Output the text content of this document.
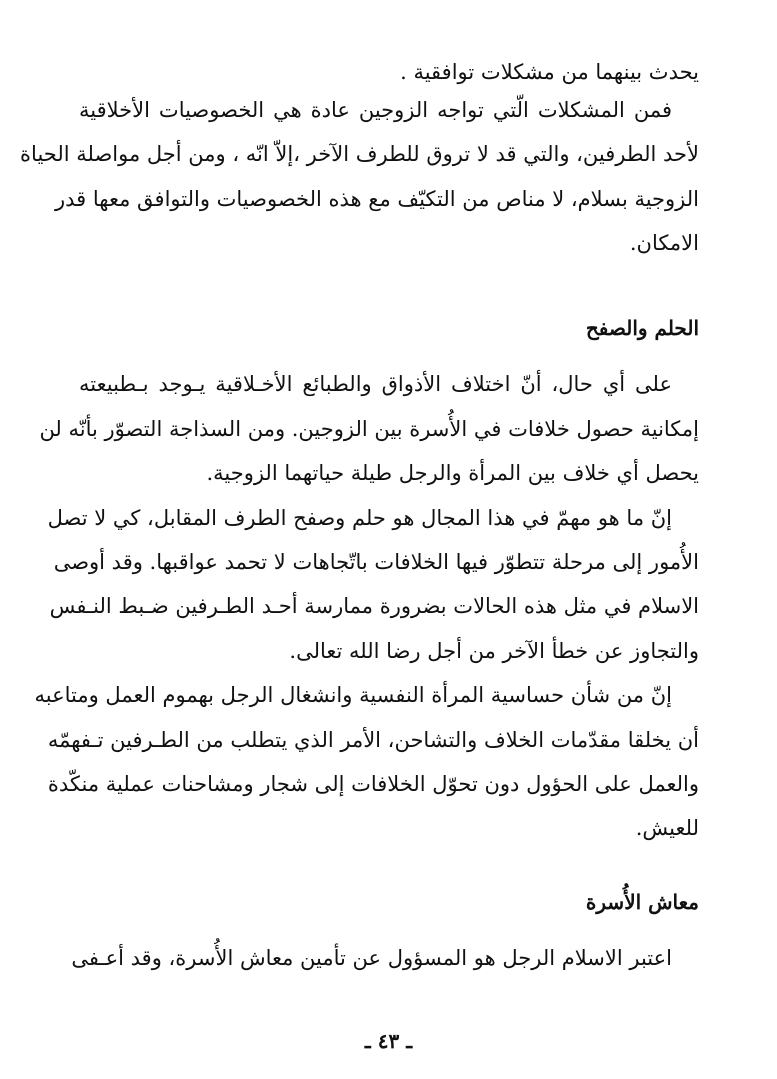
يحدث بينهما من مشكلات توافقية .
فمن المشكلات الّتي تواجه الزوجين عادة هي الخصوصيات الأخلاقية
لأحد الطرفين، والتي قد لا تروق للطرف الآخر ،إلاّ انّه ، ومن أجل مواصلة الحياة
الزوجية بسلام، لا مناص من التكيّف مع هذه الخصوصيات والتوافق معها قدر
الامكان.
الحلم والصفح
على أي حال، أنّ اختلاف الأذواق والطبائع الأخـلاقية يـوجد بـطبيعته
إمكانية حصول خلافات في الأُسرة بين الزوجين. ومن السذاجة التصوّر بأنّه لن
يحصل أي خلاف بين المرأة والرجل طيلة حياتهما الزوجية.
إنّ ما هو مهمّ في هذا المجال هو حلم وصفح الطرف المقابل، كي لا تصل
الأُمور إلى مرحلة تتطوّر فيها الخلافات باتّجاهات لا تحمد عواقبها. وقد أوصى
الاسلام في مثل هذه الحالات بضرورة ممارسة أحـد الطـرفين ضـبط النـفس
والتجاوز عن خطأ الآخر من أجل رضا الله تعالى.
إنّ من شأن حساسية المرأة النفسية وانشغال الرجل بهموم العمل ومتاعبه
أن يخلقا مقدّمات الخلاف والتشاحن، الأمر الذي يتطلب من الطـرفين تـفهمّه
والعمل على الحؤول دون تحوّل الخلافات إلى شجار ومشاحنات عملية منكّدة
للعيش.
معاش الأُسرة
اعتبر الاسلام الرجل هو المسؤول عن تأمين معاش الأُسرة، وقد أعـفى
ـ ٤٣ ـ
